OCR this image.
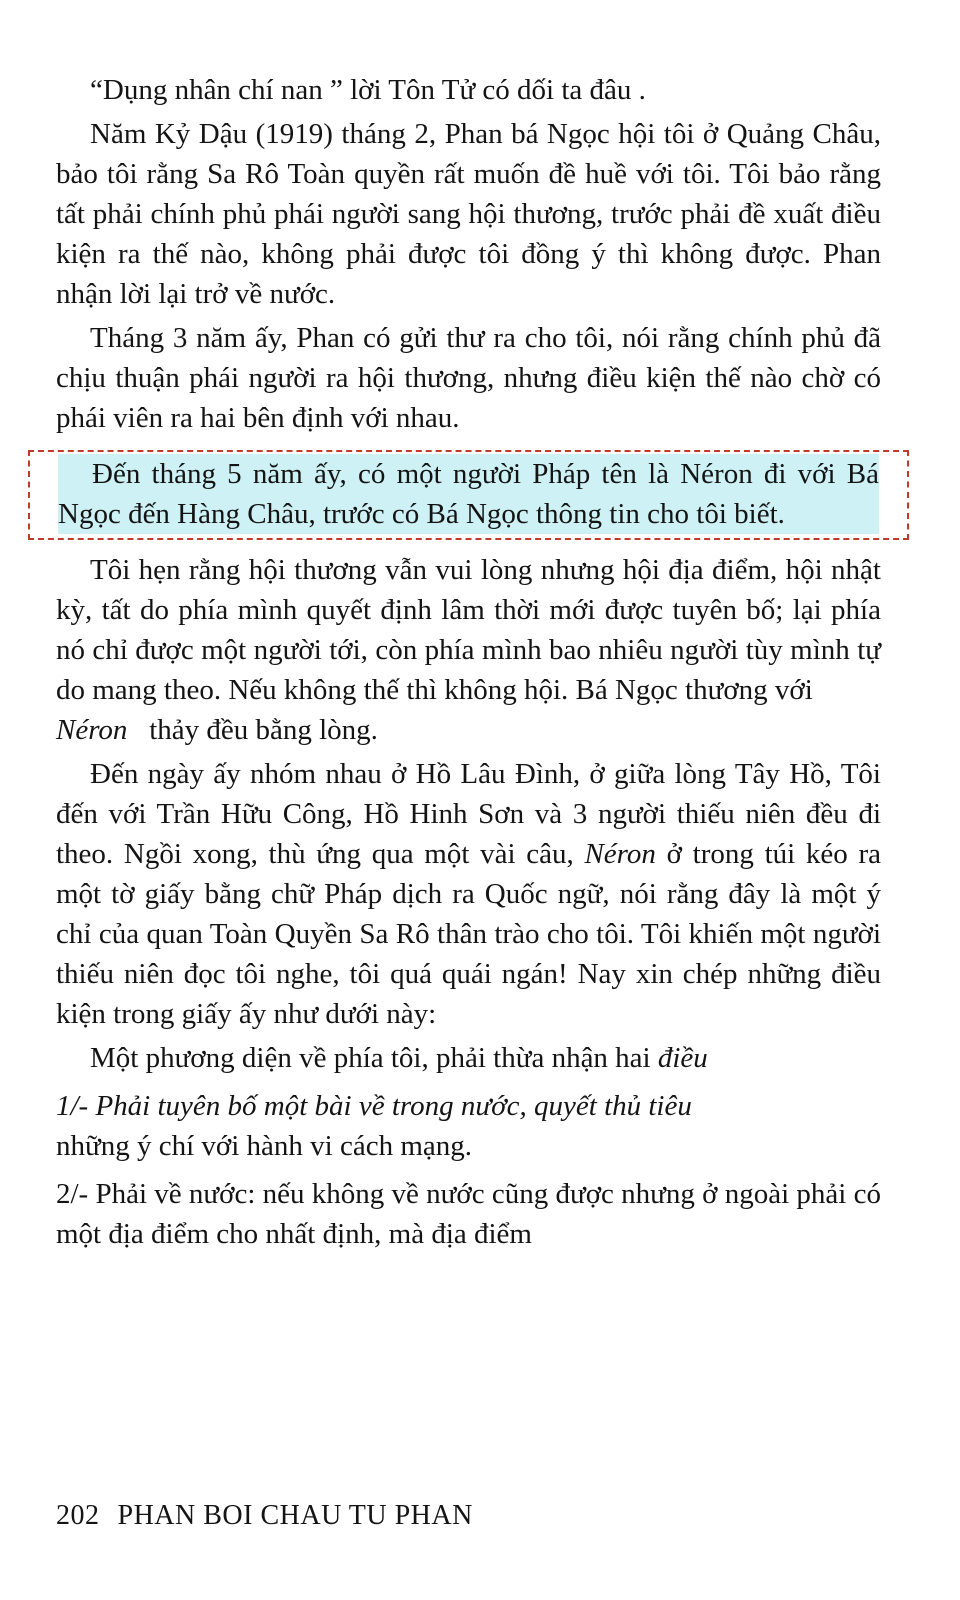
“Dụng nhân chí nan ” lời Tôn Tử có dối ta đâu .

Năm Kỷ Dậu (1919) tháng 2, Phan bá Ngọc hội tôi ở Quảng Châu, bảo tôi rằng Sa Rô Toàn quyền rất muốn đề huề với tôi. Tôi bảo rằng tất phải chính phủ phái người sang hội thương, trước phải đề xuất điều kiện ra thế nào, không phải được tôi đồng ý thì không được. Phan nhận lời lại trở về nước.

Tháng 3 năm ấy, Phan có gửi thư ra cho tôi, nói rằng chính phủ đã chịu thuận phái người ra hội thương, nhưng điều kiện thế nào chờ có phái viên ra hai bên định với nhau.

Đến tháng 5 năm ấy, có một người Pháp tên là Néron đi với Bá Ngọc đến Hàng Châu, trước có Bá Ngọc thông tin cho tôi biết.

Tôi hẹn rằng hội thương vẫn vui lòng nhưng hội địa điểm, hội nhật kỳ, tất do phía mình quyết định lâm thời mới được tuyên bố; lại phía nó chỉ được một người tới, còn phía mình bao nhiêu người tùy mình tự do mang theo. Nếu không thế thì không hội. Bá Ngọc thương với
Néron thảy đều bằng lòng.

Đến ngày ấy nhóm nhau ở Hồ Lâu Đình, ở giữa lòng Tây Hồ, Tôi đến với Trần Hữu Công, Hồ Hinh Sơn và 3 người thiếu niên đều đi theo. Ngồi xong, thù ứng qua một vài câu, Néron ở trong túi kéo ra một tờ giấy bằng chữ Pháp dịch ra Quốc ngữ, nói rằng đây là một ý chỉ của quan Toàn Quyền Sa Rô thân trào cho tôi. Tôi khiến một người thiếu niên đọc tôi nghe, tôi quá quái ngán! Nay xin chép những điều kiện trong giấy ấy như dưới này:

Một phương diện về phía tôi, phải thừa nhận hai điều

1/- Phải tuyên bố một bài về trong nước, quyết thủ tiêu
những ý chí với hành vi cách mạng.

2/- Phải về nước: nếu không về nước cũng được nhưng ở ngoài phải có một địa điểm cho nhất định, mà địa điểm

202 PHAN BOI CHAU TU PHAN
